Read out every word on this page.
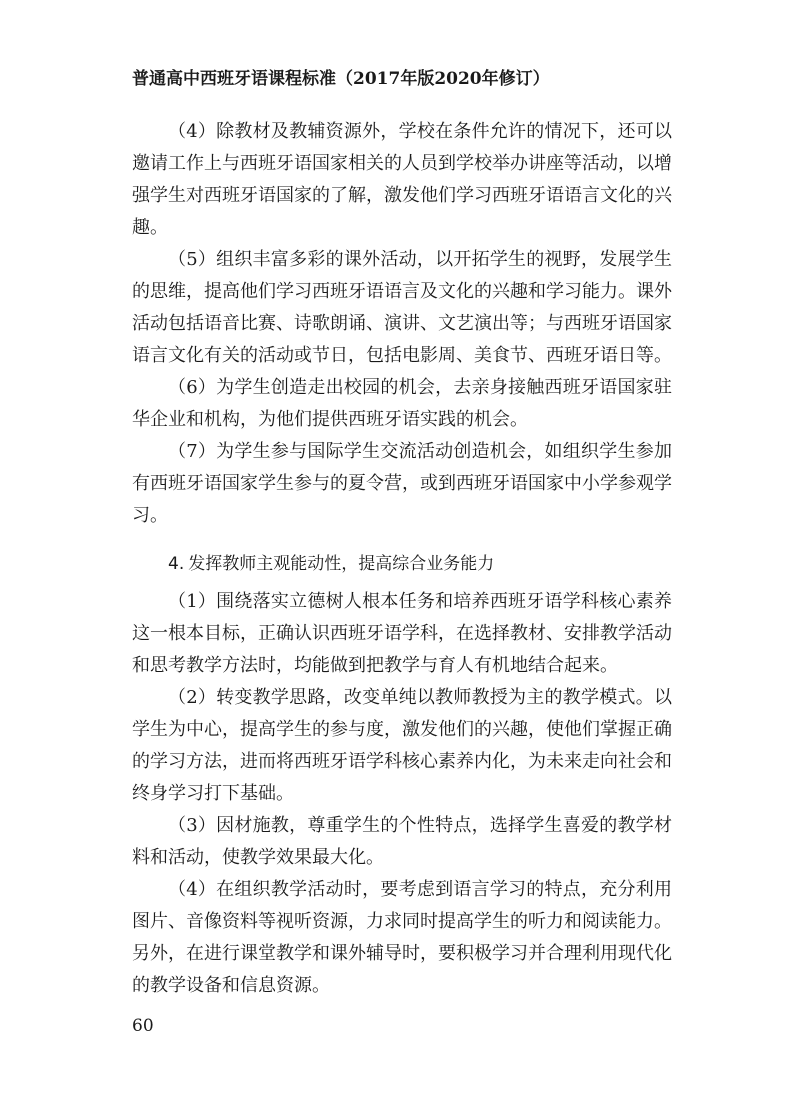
普通高中西班牙语课程标准（2017年版2020年修订）

（4）除教材及教辅资源外，学校在条件允许的情况下，还可以邀请工作上与西班牙语国家相关的人员到学校举办讲座等活动，以增强学生对西班牙语国家的了解，激发他们学习西班牙语语言文化的兴趣。

（5）组织丰富多彩的课外活动，以开拓学生的视野，发展学生的思维，提高他们学习西班牙语语言及文化的兴趣和学习能力。课外活动包括语音比赛、诗歌朗诵、演讲、文艺演出等；与西班牙语国家语言文化有关的活动或节日，包括电影周、美食节、西班牙语日等。

（6）为学生创造走出校园的机会，去亲身接触西班牙语国家驻华企业和机构，为他们提供西班牙语实践的机会。

（7）为学生参与国际学生交流活动创造机会，如组织学生参加有西班牙语国家学生参与的夏令营，或到西班牙语国家中小学参观学习。

4. 发挥教师主观能动性，提高综合业务能力

（1）围绕落实立德树人根本任务和培养西班牙语学科核心素养这一根本目标，正确认识西班牙语学科，在选择教材、安排教学活动和思考教学方法时，均能做到把教学与育人有机地结合起来。

（2）转变教学思路，改变单纯以教师教授为主的教学模式。以学生为中心，提高学生的参与度，激发他们的兴趣，使他们掌握正确的学习方法，进而将西班牙语学科核心素养内化，为未来走向社会和终身学习打下基础。

（3）因材施教，尊重学生的个性特点，选择学生喜爱的教学材料和活动，使教学效果最大化。

（4）在组织教学活动时，要考虑到语言学习的特点，充分利用图片、音像资料等视听资源，力求同时提高学生的听力和阅读能力。另外，在进行课堂教学和课外辅导时，要积极学习并合理利用现代化的教学设备和信息资源。

60
